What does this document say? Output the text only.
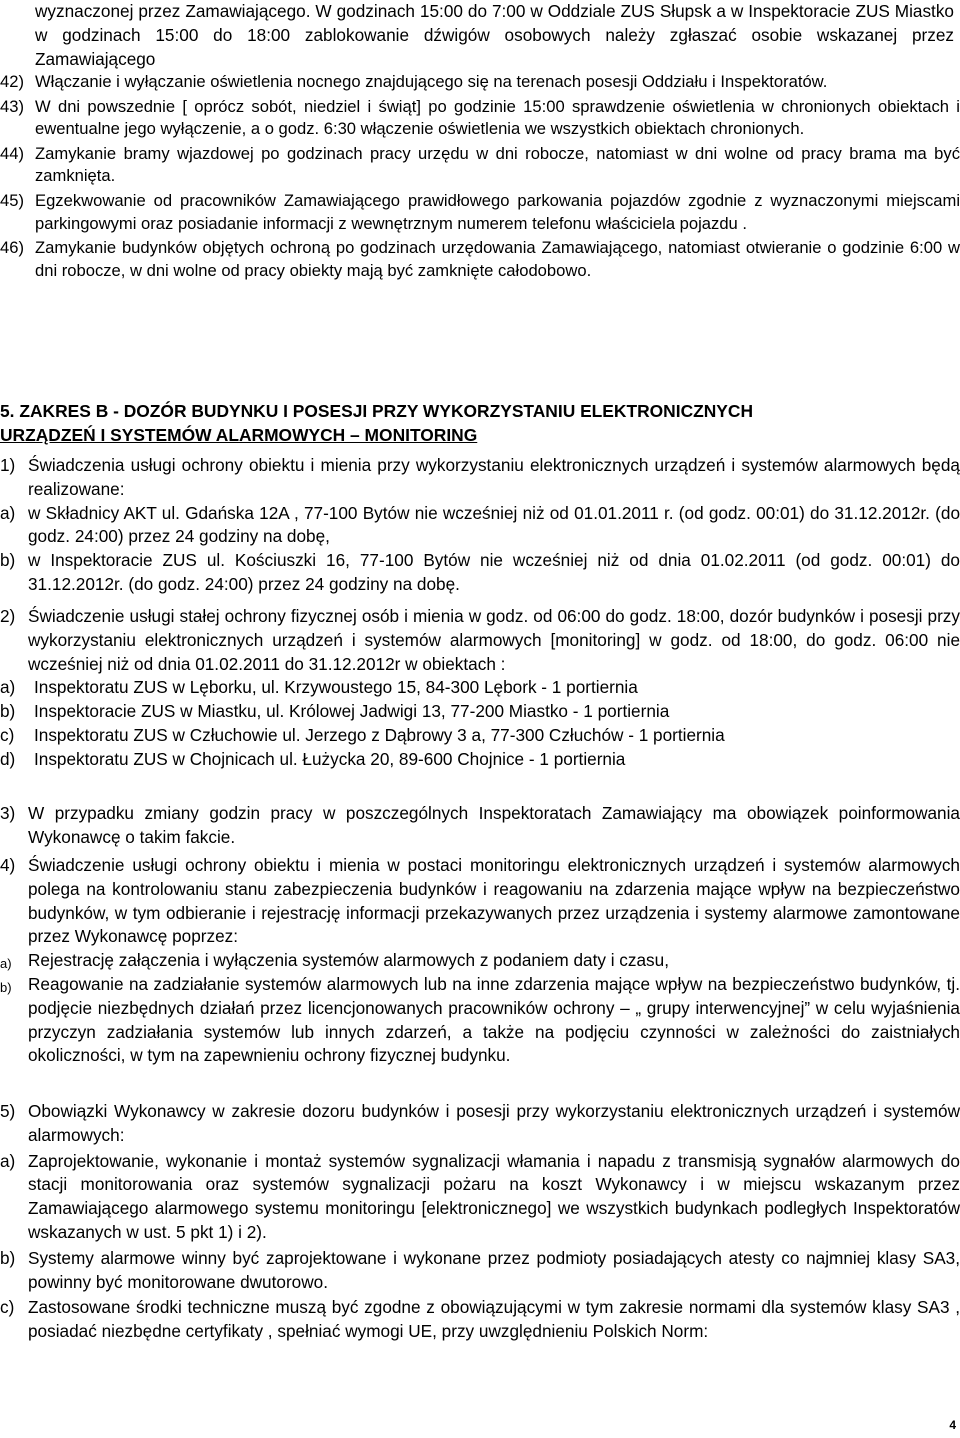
wyznaczonej przez Zamawiającego. W godzinach 15:00 do 7:00 w Oddziale ZUS Słupsk a w Inspektoracie ZUS Miastko w godzinach 15:00 do 18:00 zablokowanie dźwigów osobowych należy zgłaszać osobie wskazanej przez Zamawiającego

42) Włączanie i wyłączanie oświetlenia nocnego znajdującego się na terenach posesji Oddziału i Inspektoratów.
43) W dni powszednie [ oprócz sobót, niedziel i świąt] po godzinie 15:00 sprawdzenie oświetlenia w chronionych obiektach i ewentualne jego wyłączenie, a o godz. 6:30 włączenie oświetlenia we wszystkich obiektach chronionych.
44) Zamykanie bramy wjazdowej po godzinach pracy urzędu w dni robocze, natomiast w dni wolne od pracy brama ma być zamknięta.
45) Egzekwowanie od pracowników Zamawiającego prawidłowego parkowania pojazdów zgodnie z wyznaczonymi miejscami parkingowymi oraz posiadanie informacji z wewnętrznym numerem telefonu właściciela pojazdu .
46) Zamykanie budynków objętych ochroną po godzinach urzędowania Zamawiającego, natomiast otwieranie o godzinie 6:00 w dni robocze, w dni wolne od pracy obiekty mają być zamknięte całodobowo.

5. ZAKRES B - DOZÓR BUDYNKU I POSESJI PRZY WYKORZYSTANIU ELEKTRONICZNYCH

URZĄDZEŃ I SYSTEMÓW ALARMOWYCH – MONITORING

1) Świadczenia usługi ochrony obiektu i mienia przy wykorzystaniu elektronicznych urządzeń i systemów alarmowych będą realizowane:
a) w Składnicy AKT ul. Gdańska 12A , 77-100 Bytów nie wcześniej niż od 01.01.2011 r. (od godz. 00:01) do 31.12.2012r. (do godz. 24:00) przez 24 godziny na dobę,
b) w Inspektoracie ZUS ul. Kościuszki 16, 77-100 Bytów nie wcześniej niż od dnia 01.02.2011 (od godz. 00:01) do 31.12.2012r. (do godz. 24:00) przez 24 godziny na dobę.
2) Świadczenie usługi stałej ochrony fizycznej osób i mienia w godz. od 06:00 do godz. 18:00, dozór budynków i posesji przy wykorzystaniu elektronicznych urządzeń i systemów alarmowych [monitoring] w godz. od 18:00, do godz. 06:00 nie wcześniej niż od dnia 01.02.2011 do 31.12.2012r w obiektach :
a)	Inspektoratu ZUS w Lęborku, ul. Krzywoustego 15, 84-300 Lębork - 1 portiernia
b)	Inspektoracie ZUS w Miastku, ul. Królowej Jadwigi 13, 77-200 Miastko - 1 portiernia
c)	Inspektoratu ZUS w Człuchowie ul. Jerzego z Dąbrowy 3 a, 77-300 Człuchów - 1 portiernia
d)	Inspektoratu ZUS w Chojnicach ul. Łużycka 20, 89-600 Chojnice - 1 portiernia
3) W przypadku zmiany godzin pracy w poszczególnych Inspektoratach Zamawiający ma obowiązek poinformowania Wykonawcę o takim fakcie.
4) Świadczenie usługi ochrony obiektu i mienia w postaci monitoringu elektronicznych urządzeń i systemów alarmowych polega na kontrolowaniu stanu zabezpieczenia budynków i reagowaniu na zdarzenia mające wpływ na bezpieczeństwo budynków, w tym odbieranie i rejestrację informacji przekazywanych przez urządzenia i systemy alarmowe zamontowane przez Wykonawcę poprzez:
a) Rejestrację załączenia i wyłączenia systemów alarmowych z podaniem daty i czasu,
b) Reagowanie na zadziałanie systemów alarmowych lub na inne zdarzenia mające wpływ na bezpieczeństwo budynków, tj. podjęcie niezbędnych działań przez licencjonowanych pracowników ochrony – „ grupy interwencyjnej” w celu wyjaśnienia przyczyn zadziałania systemów lub innych zdarzeń, a także na podjęciu czynności w zależności do zaistniałych okoliczności, w tym na zapewnieniu ochrony fizycznej budynku.
5) Obowiązki Wykonawcy w zakresie dozoru budynków i posesji przy wykorzystaniu elektronicznych urządzeń i systemów alarmowych:
a) Zaprojektowanie, wykonanie i montaż systemów sygnalizacji włamania i napadu z transmisją sygnałów alarmowych do stacji monitorowania oraz systemów sygnalizacji pożaru na koszt Wykonawcy i w miejscu wskazanym przez Zamawiającego alarmowego systemu monitoringu [elektronicznego] we wszystkich budynkach podległych Inspektoratów wskazanych w ust. 5 pkt 1) i 2).
b) Systemy alarmowe winny być zaprojektowane i wykonane przez podmioty posiadających atesty co najmniej klasy SA3, powinny być monitorowane dwutorowo.
c) Zastosowane środki techniczne muszą być zgodne z obowiązującymi w tym zakresie normami dla systemów klasy SA3 , posiadać niezbędne certyfikaty , spełniać wymogi UE, przy uwzględnieniu Polskich Norm:
4
